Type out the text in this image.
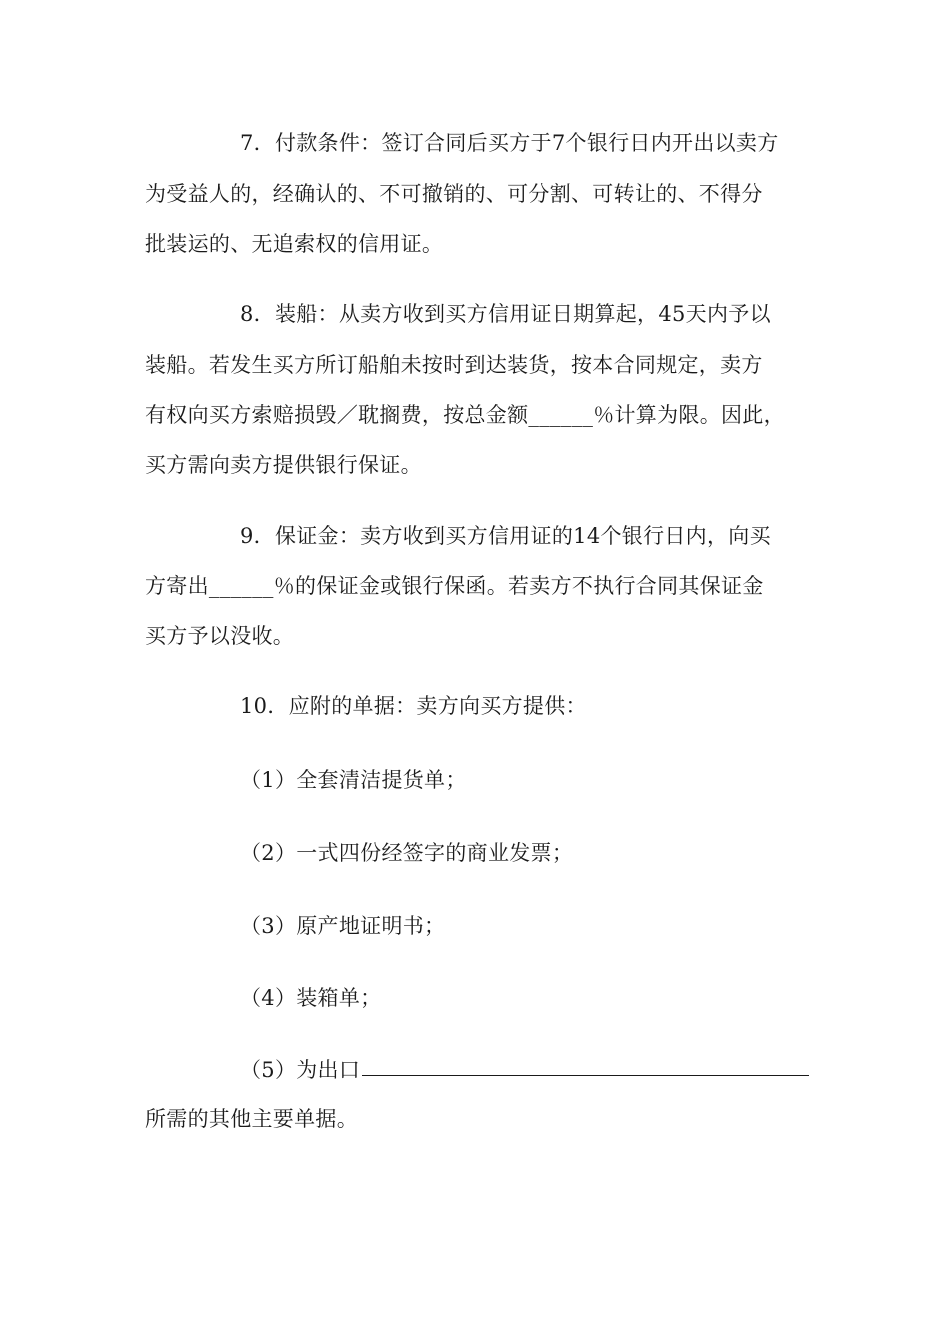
7．付款条件：签订合同后买方于7个银行日内开出以卖方
为受益人的，经确认的、不可撤销的、可分割、可转让的、不得分
批装运的、无追索权的信用证。
8．装船：从卖方收到买方信用证日期算起，45天内予以
装船。若发生买方所订船舶未按时到达装货，按本合同规定，卖方
有权向买方索赔损毁／耽搁费，按总金额______％计算为限。因此，
买方需向卖方提供银行保证。
9．保证金：卖方收到买方信用证的14个银行日内，向买
方寄出______％的保证金或银行保函。若卖方不执行合同其保证金
买方予以没收。
10．应附的单据：卖方向买方提供：
（1）全套清洁提货单；
（2）一式四份经签字的商业发票；
（3）原产地证明书；
（4）装箱单；
（5）为出口
所需的其他主要单据。
